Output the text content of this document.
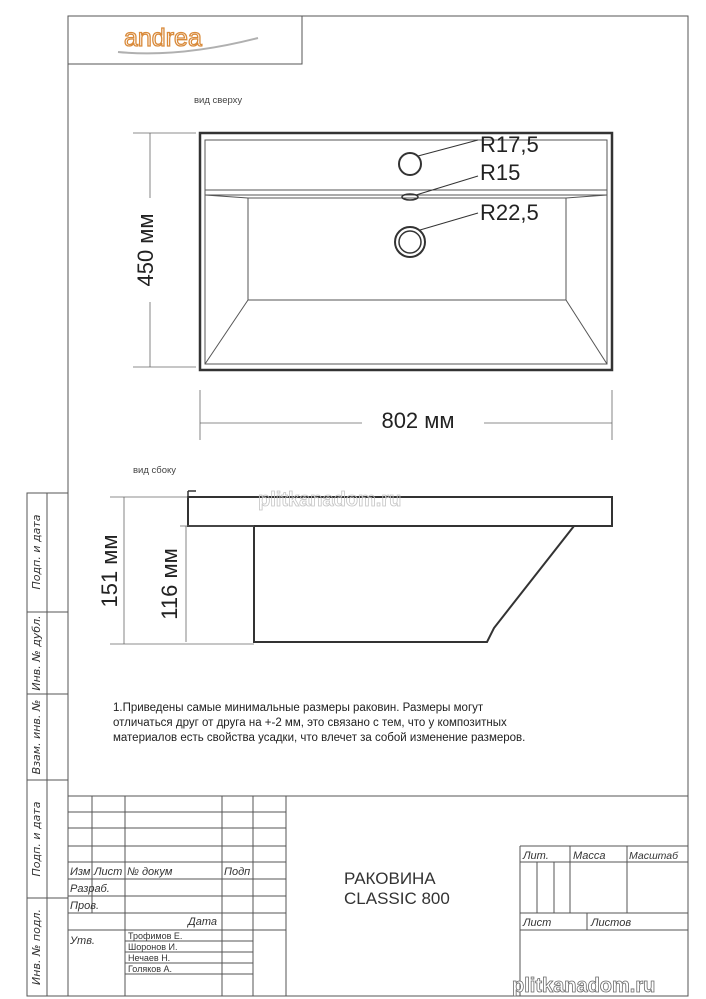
andrea
вид сверху
R17,5
R15
R22,5
450 мм
802 мм
вид сбоку
plitkanadom.ru
151 мм 116 мм
Подп. и дата
Инв. № дубл.
Взам. инв. №
Подп. и дата
Инв. № подл.
Изм Лист № докум	Подп
Дата
Разраб.
Пров.
Утв.
Лит. Масса Масштаб
Лист	Листов
Трофимов Е.
Шоронов И.
Нечаев Н.
Голяков А.
РАКОВИНА
CLASSIC 800
plitkanadom.ru
1.Приведены самые минимальные размеры раковин. Размеры могут
отличаться друг от друга на +-2 мм, это связано с тем, что у композитных
материалов есть свойства усадки, что влечет за собой изменение размеров.
